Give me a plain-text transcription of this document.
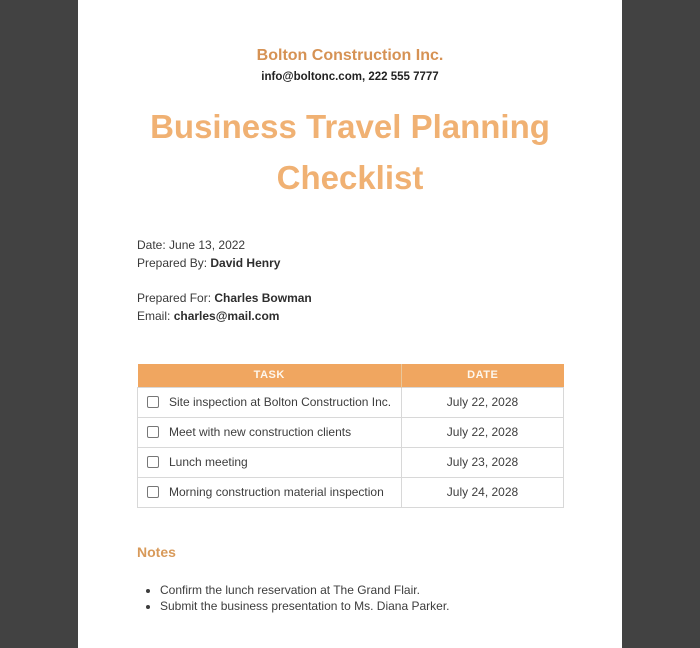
Bolton Construction Inc.
info@boltonc.com, 222 555 7777
Business Travel Planning
Checklist

Date: June 13, 2022

Prepared By: David Henry

Prepared For: Charles Bowman

Email: charles@mail.com

TASK	DATE
Site inspection at Bolton Construction Inc.	July 22, 2028
Meet with new construction clients	July 22, 2028
Lunch meeting	July 23, 2028
Morning construction material inspection	July 24, 2028
Notes
• Confirm the lunch reservation at The Grand Flair.
• Submit the business presentation to Ms. Diana Parker.
